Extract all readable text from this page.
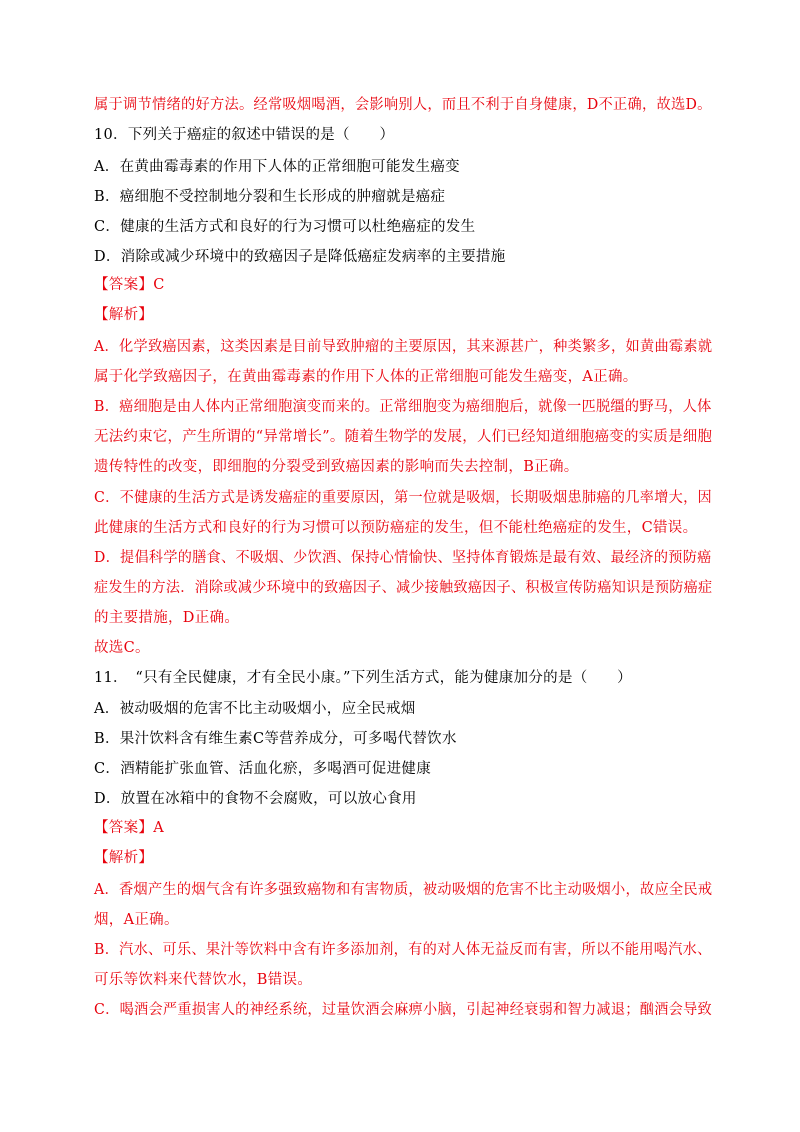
属于调节情绪的好方法。经常吸烟喝酒，会影响别人，而且不利于自身健康，D不正确，故选D。
10．下列关于癌症的叙述中错误的是（　　）
A．在黄曲霉毒素的作用下人体的正常细胞可能发生癌变
B．癌细胞不受控制地分裂和生长形成的肿瘤就是癌症
C．健康的生活方式和良好的行为习惯可以杜绝癌症的发生
D．消除或减少环境中的致癌因子是降低癌症发病率的主要措施
【答案】C
【解析】
A．化学致癌因素，这类因素是目前导致肿瘤的主要原因，其来源甚广，种类繁多，如黄曲霉素就
属于化学致癌因子，在黄曲霉毒素的作用下人体的正常细胞可能发生癌变，A正确。
B．癌细胞是由人体内正常细胞演变而来的。正常细胞变为癌细胞后，就像一匹脱缰的野马，人体
无法约束它，产生所谓的“异常增长”。随着生物学的发展，人们已经知道细胞癌变的实质是细胞
遗传特性的改变，即细胞的分裂受到致癌因素的影响而失去控制，B正确。
C．不健康的生活方式是诱发癌症的重要原因，第一位就是吸烟，长期吸烟患肺癌的几率增大，因
此健康的生活方式和良好的行为习惯可以预防癌症的发生，但不能杜绝癌症的发生，C错误。
D．提倡科学的膳食、不吸烟、少饮酒、保持心情愉快、坚持体育锻炼是最有效、最经济的预防癌
症发生的方法．消除或减少环境中的致癌因子、减少接触致癌因子、积极宣传防癌知识是预防癌症
的主要措施，D正确。
故选C。
11．　“只有全民健康，才有全民小康。”下列生活方式，能为健康加分的是（　　）
A．被动吸烟的危害不比主动吸烟小，应全民戒烟
B．果汁饮料含有维生素C等营养成分，可多喝代替饮水
C．酒精能扩张血管、活血化瘀，多喝酒可促进健康
D．放置在冰箱中的食物不会腐败，可以放心食用
【答案】A
【解析】
A．香烟产生的烟气含有许多强致癌物和有害物质，被动吸烟的危害不比主动吸烟小，故应全民戒
烟，A正确。
B．汽水、可乐、果汁等饮料中含有许多添加剂，有的对人体无益反而有害，所以不能用喝汽水、
可乐等饮料来代替饮水，B错误。
C．喝酒会严重损害人的神经系统，过量饮酒会麻痹小脑，引起神经衰弱和智力减退；酗酒会导致
